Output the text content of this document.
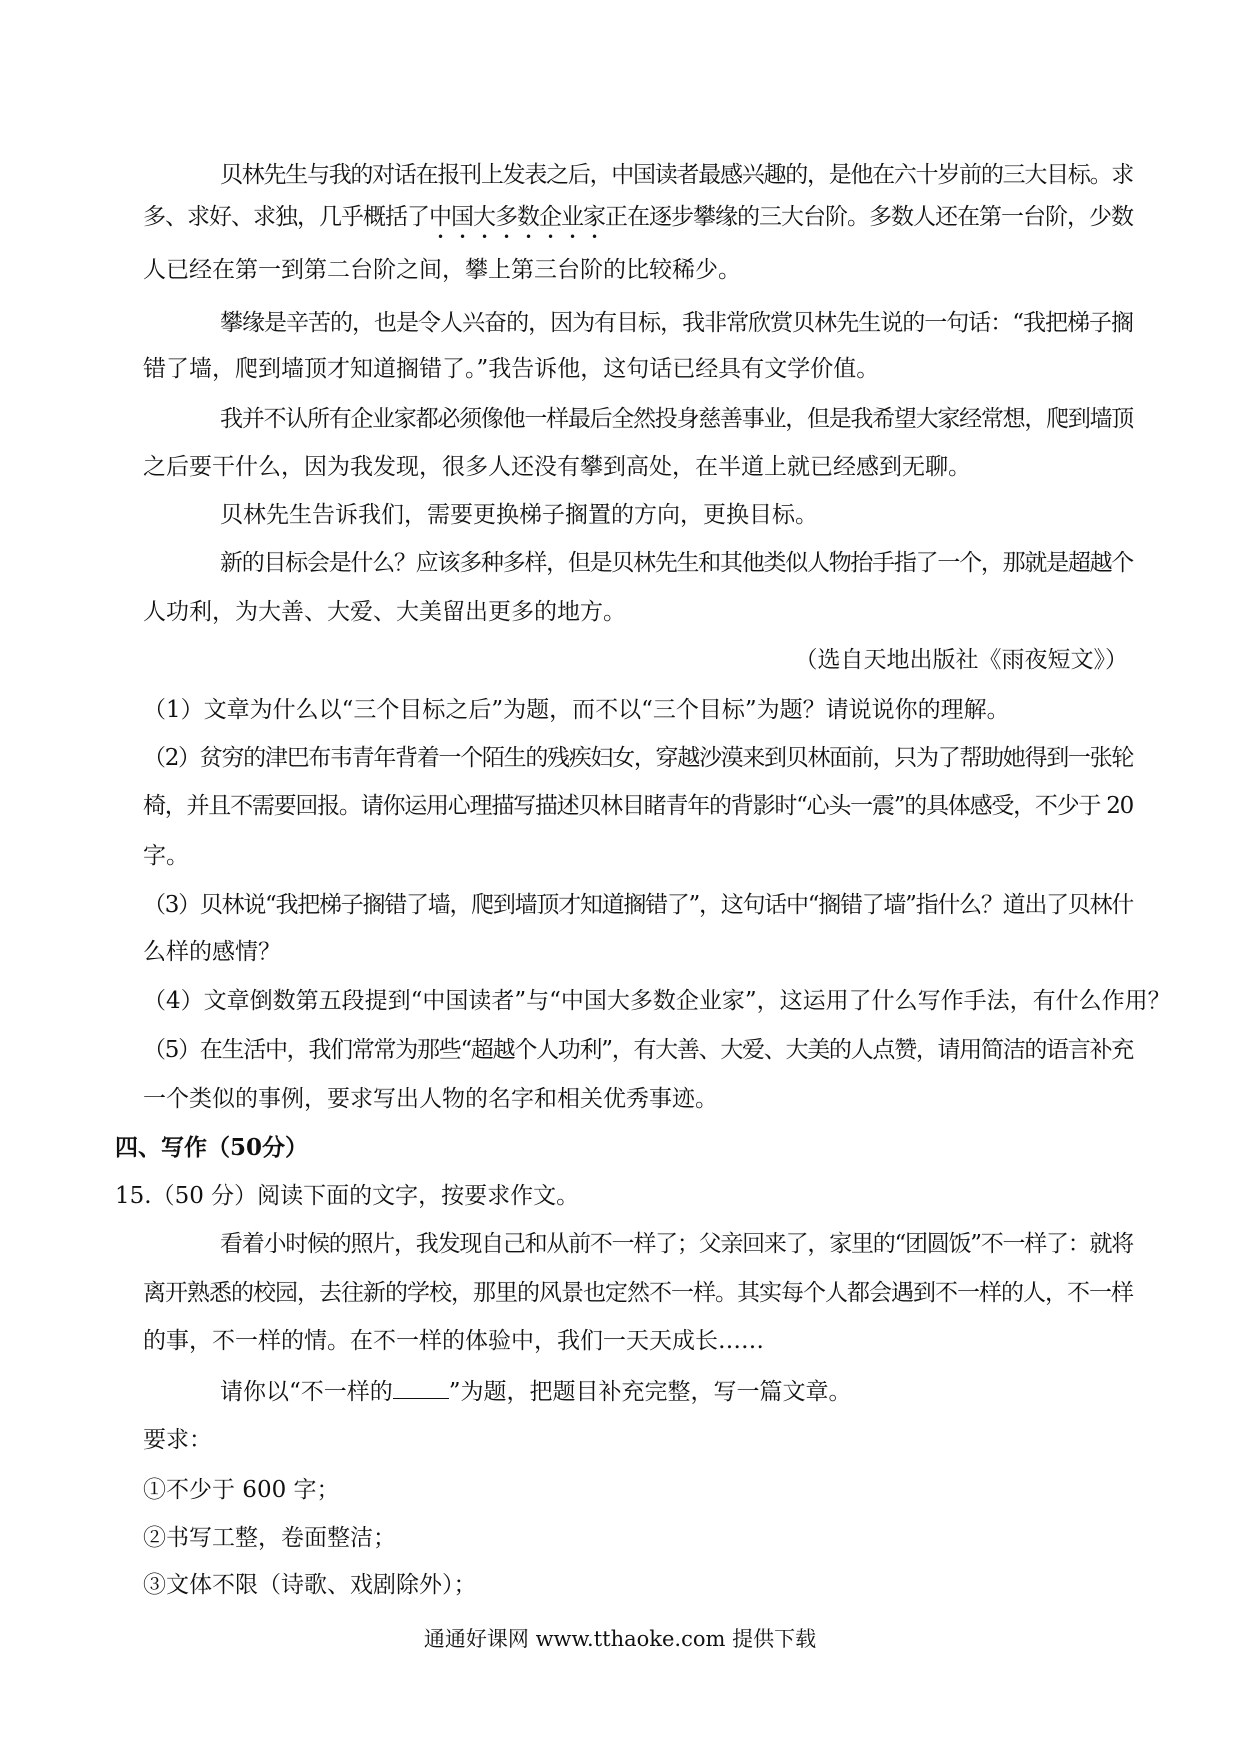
贝林先生与我的对话在报刊上发表之后，中国读者最感兴趣的，是他在六十岁前的三大目标。求
多、求好、求独，几乎概括了中国大多数企业家正在逐步攀缘的三大台阶。多数人还在第一台阶，少数
人已经在第一到第二台阶之间，攀上第三台阶的比较稀少。
攀缘是辛苦的，也是令人兴奋的，因为有目标，我非常欣赏贝林先生说的一句话：“我把梯子搁
错了墙，爬到墙顶才知道搁错了。”我告诉他，这句话已经具有文学价值。
我并不认所有企业家都必须像他一样最后全然投身慈善事业，但是我希望大家经常想，爬到墙顶
之后要干什么，因为我发现，很多人还没有攀到高处，在半道上就已经感到无聊。
贝林先生告诉我们，需要更换梯子搁置的方向，更换目标。
新的目标会是什么？应该多种多样，但是贝林先生和其他类似人物抬手指了一个，那就是超越个
人功利，为大善、大爱、大美留出更多的地方。
（选自天地出版社《雨夜短文》）
（1）文章为什么以“三个目标之后”为题，而不以“三个目标”为题？请说说你的理解。
（2）贫穷的津巴布韦青年背着一个陌生的残疾妇女，穿越沙漠来到贝林面前，只为了帮助她得到一张轮
椅，并且不需要回报。请你运用心理描写描述贝林目睹青年的背影时“心头一震”的具体感受，不少于 20
字。
（3）贝林说“我把梯子搁错了墙，爬到墙顶才知道搁错了”，这句话中“搁错了墙”指什么？道出了贝林什
么样的感情？
（4）文章倒数第五段提到“中国读者”与“中国大多数企业家”，这运用了什么写作手法，有什么作用？
（5）在生活中，我们常常为那些“超越个人功利”，有大善、大爱、大美的人点赞，请用简洁的语言补充
一个类似的事例，要求写出人物的名字和相关优秀事迹。
四、写作（50分）
15.（50 分）阅读下面的文字，按要求作文。
看着小时候的照片，我发现自己和从前不一样了；父亲回来了，家里的“团圆饭”不一样了：就将
离开熟悉的校园，去往新的学校，那里的风景也定然不一样。其实每个人都会遇到不一样的人，不一样
的事，不一样的情。在不一样的体验中，我们一天天成长……
请你以“不一样的 ”为题，把题目补充完整，写一篇文章。
要求：
①不少于 600 字；
②书写工整，卷面整洁；
③文体不限（诗歌、戏剧除外）；
通通好课网 www.tthaoke.com 提供下载
